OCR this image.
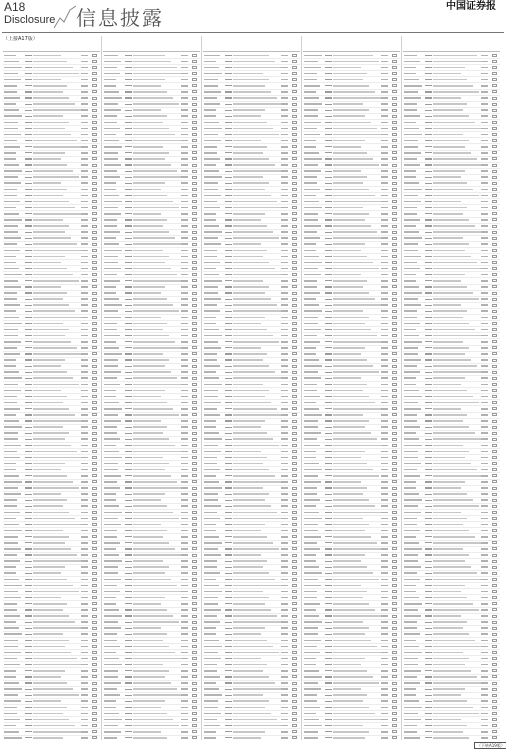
A18
Disclosure 信息披露	中国证券报
（上接A17版）
（下转A19版）
